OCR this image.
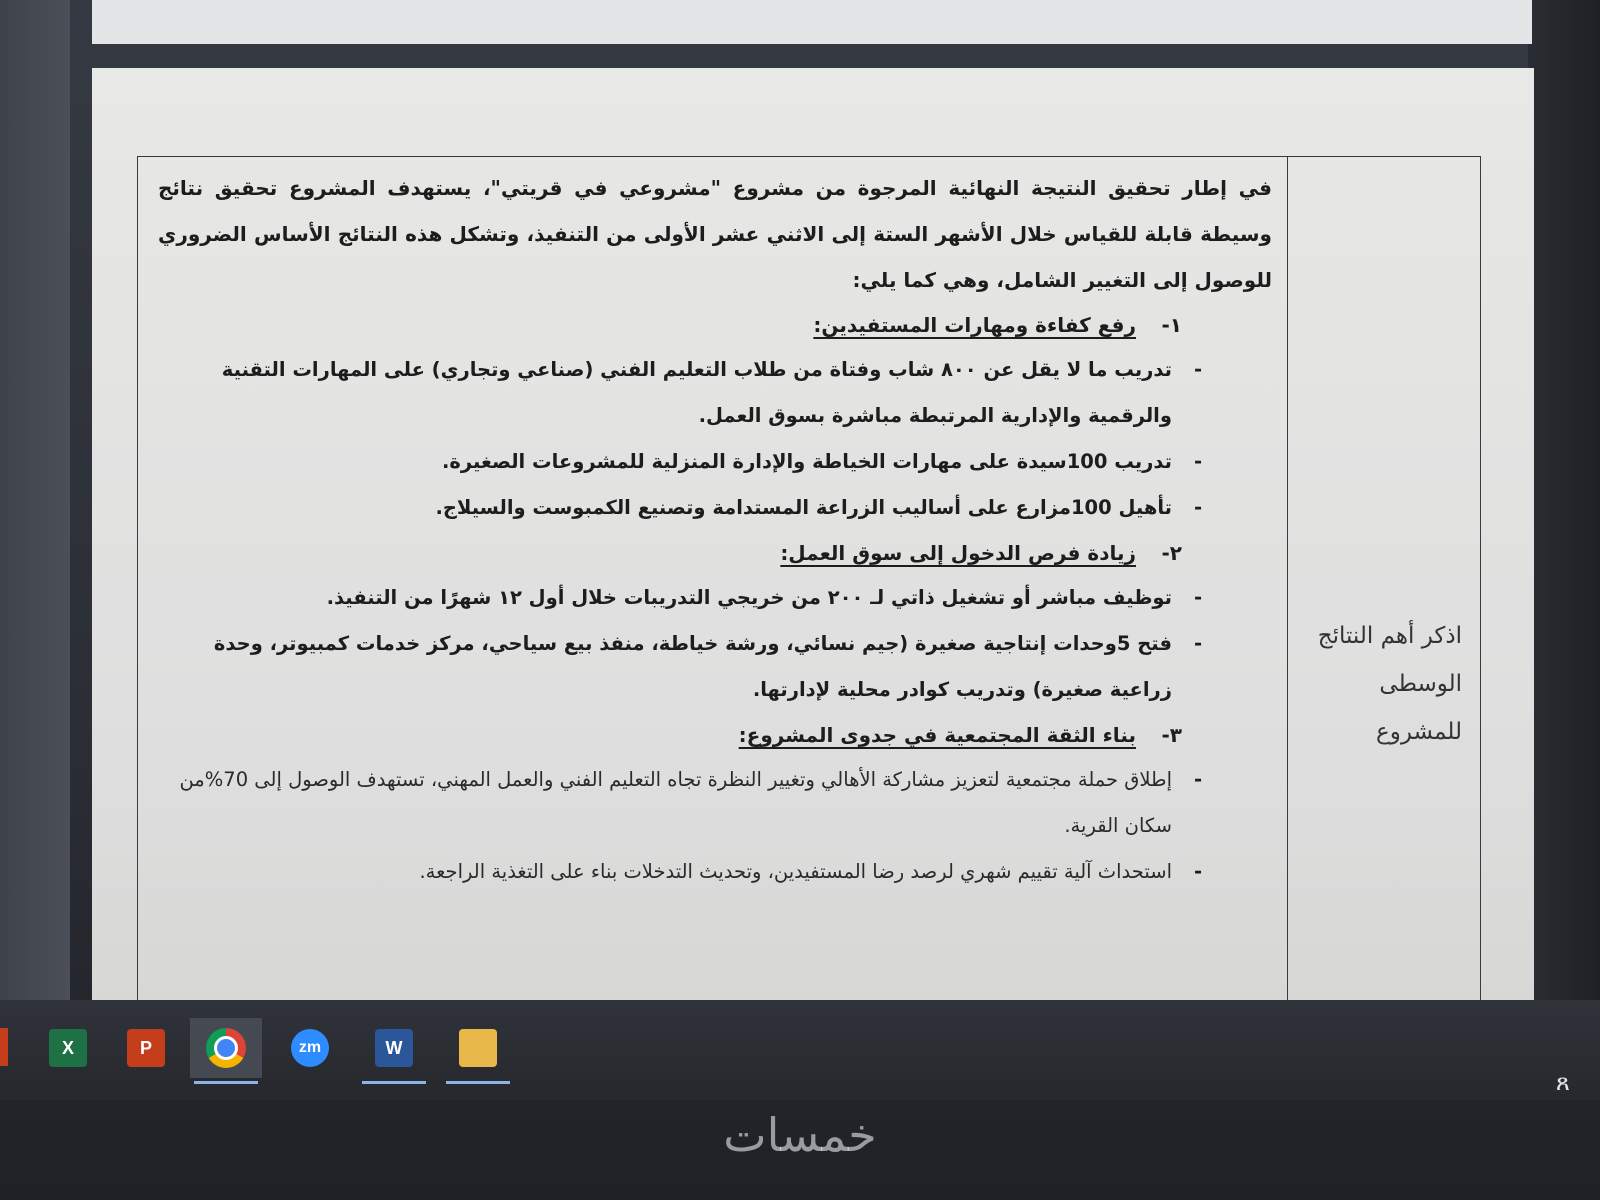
اذكر أهم النتائج الوسطى للمشروع

في إطار تحقيق النتيجة النهائية المرجوة من مشروع "مشروعي في قريتي"، يستهدف المشروع تحقيق نتائج وسيطة قابلة للقياس خلال الأشهر الستة إلى الاثني عشر الأولى من التنفيذ، وتشكل هذه النتائج الأساس الضروري للوصول إلى التغيير الشامل، وهي كما يلي:

١-
رفع كفاءة ومهارات المستفيدين:
-
تدريب ما لا يقل عن ٨٠٠ شاب وفتاة من طلاب التعليم الفني (صناعي وتجاري) على المهارات التقنية والرقمية والإدارية المرتبطة مباشرة بسوق العمل.
-
تدريب 100سيدة على مهارات الخياطة والإدارة المنزلية للمشروعات الصغيرة.
-
تأهيل 100مزارع على أساليب الزراعة المستدامة وتصنيع الكمبوست والسيلاج.
٢-
زيادة فرص الدخول إلى سوق العمل:
-
توظيف مباشر أو تشغيل ذاتي لـ ٢٠٠ من خريجي التدريبات خلال أول ١٢ شهرًا من التنفيذ.
-
فتح 5وحدات إنتاجية صغيرة (جيم نسائي، ورشة خياطة، منفذ بيع سياحي، مركز خدمات كمبيوتر، وحدة زراعية صغيرة) وتدريب كوادر محلية لإدارتها.
٣-
بناء الثقة المجتمعية في جدوى المشروع:
-
إطلاق حملة مجتمعية لتعزيز مشاركة الأهالي وتغيير النظرة تجاه التعليم الفني والعمل المهني، تستهدف الوصول إلى 70%من سكان القرية.
-
استحداث آلية تقييم شهري لرصد رضا المستفيدين، وتحديث التدخلات بناء على التغذية الراجعة.
X	P	zm	W
ጸ
خمسات
